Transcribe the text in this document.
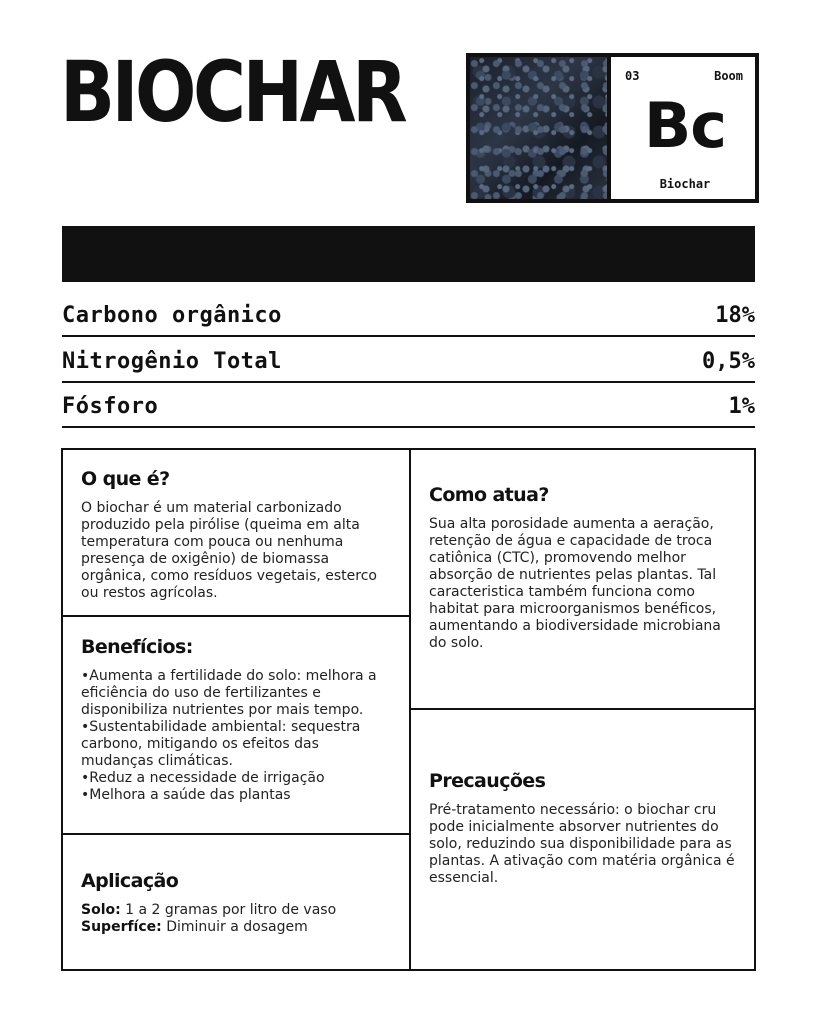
BIOCHAR	03	Boom
Bc
Biochar
Carbono orgânico	18%
Nitrogênio Total	0,5%
Fósforo	1%
O que é?

O biochar é um material carbonizado produzido pela pirólise (queima em alta temperatura com pouca ou nenhuma presença de oxigênio) de biomassa orgânica, como resíduos vegetais, esterco ou restos agrícolas.

Como atua?

Sua alta porosidade aumenta a aeração, retenção de água e capacidade de troca catiônica (CTC), promovendo melhor absorção de nutrientes pelas plantas. Tal caracteristica também funciona como habitat para microorganismos benéficos, aumentando a biodiversidade microbiana do solo.

Benefícios:
• Aumenta a fertilidade do solo: melhora a eficiência do uso de fertilizantes e disponibiliza nutrientes por mais tempo.
• Sustentabilidade ambiental: sequestra carbono, mitigando os efeitos das mudanças climáticas.
• Reduz a necessidade de irrigação
• Melhora a saúde das plantas
Precauções

Pré-tratamento necessário: o biochar cru pode inicialmente absorver nutrientes do solo, reduzindo sua disponibilidade para as plantas. A ativação com matéria orgânica é essencial.

Aplicação

Solo: 1 a 2 gramas por litro de vaso

Superfíce: Diminuir a dosagem
